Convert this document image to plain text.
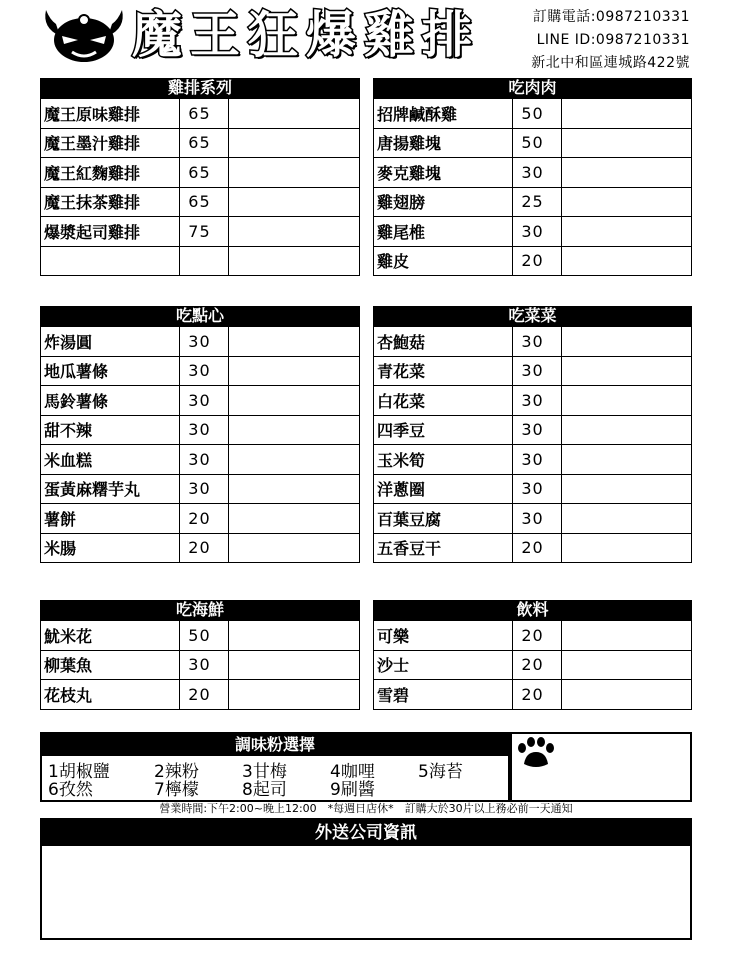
魔 王 狂 爆 雞 排	訂購電話:0987210331
LINE ID:0987210331
新北中和區連城路422號
雞排系列
魔王原味雞排	65	
魔王墨汁雞排	65	
魔王紅麴雞排	65	
魔王抹茶雞排	65	
爆漿起司雞排	75	

吃肉肉
招牌鹹酥雞	50	
唐揚雞塊	50	
麥克雞塊	30	
雞翅膀	25	
雞尾椎	30	
雞皮	20	
吃點心
炸湯圓	30	
地瓜薯條	30	
馬鈴薯條	30	
甜不辣	30	
米血糕	30	
蛋黃麻糬芋丸	30	
薯餅	20	
米腸	20	
吃菜菜
杏鮑菇	30	
青花菜	30	
白花菜	30	
四季豆	30	
玉米筍	30	
洋蔥圈	30	
百葉豆腐	30	
五香豆干	20	
吃海鮮
魷米花	50	
柳葉魚	30	
花枝丸	20	
飲料
可樂	20	
沙士	20	
雪碧	20	
調味粉選擇
1胡椒鹽	2辣粉	3甘梅	4咖哩	5海苔
6孜然	7檸檬	8起司	9刷醬
營業時間:下午2:00~晚上12:00　*每週日店休*　訂購大於30片以上務必前一天通知
外送公司資訊
